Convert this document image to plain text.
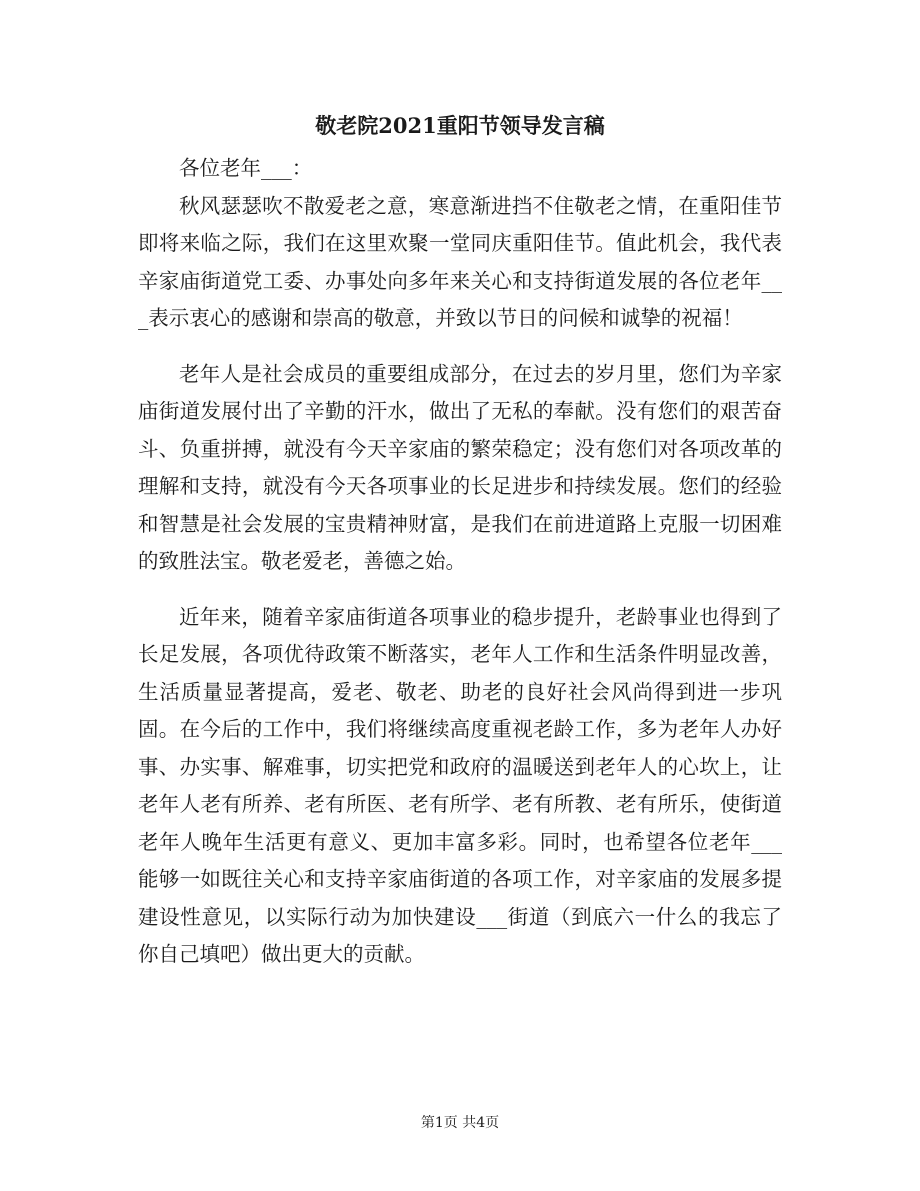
敬老院2021重阳节领导发言稿

各位老年___：

秋风瑟瑟吹不散爱老之意，寒意渐进挡不住敬老之情，在重阳佳节即将来临之际，我们在这里欢聚一堂同庆重阳佳节。值此机会，我代表辛家庙街道党工委、办事处向多年来关心和支持街道发展的各位老年___表示衷心的感谢和崇高的敬意，并致以节日的问候和诚挚的祝福！

老年人是社会成员的重要组成部分，在过去的岁月里，您们为辛家庙街道发展付出了辛勤的汗水，做出了无私的奉献。没有您们的艰苦奋斗、负重拼搏，就没有今天辛家庙的繁荣稳定；没有您们对各项改革的理解和支持，就没有今天各项事业的长足进步和持续发展。您们的经验和智慧是社会发展的宝贵精神财富，是我们在前进道路上克服一切困难的致胜法宝。敬老爱老，善德之始。

近年来，随着辛家庙街道各项事业的稳步提升，老龄事业也得到了长足发展，各项优待政策不断落实，老年人工作和生活条件明显改善，生活质量显著提高，爱老、敬老、助老的良好社会风尚得到进一步巩固。在今后的工作中，我们将继续高度重视老龄工作，多为老年人办好事、办实事、解难事，切实把党和政府的温暖送到老年人的心坎上，让老年人老有所养、老有所医、老有所学、老有所教、老有所乐，使街道老年人晚年生活更有意义、更加丰富多彩。同时，也希望各位老年___能够一如既往关心和支持辛家庙街道的各项工作，对辛家庙的发展多提建设性意见，以实际行动为加快建设___街道（到底六一什么的我忘了你自己填吧）做出更大的贡献。

第1页 共4页
